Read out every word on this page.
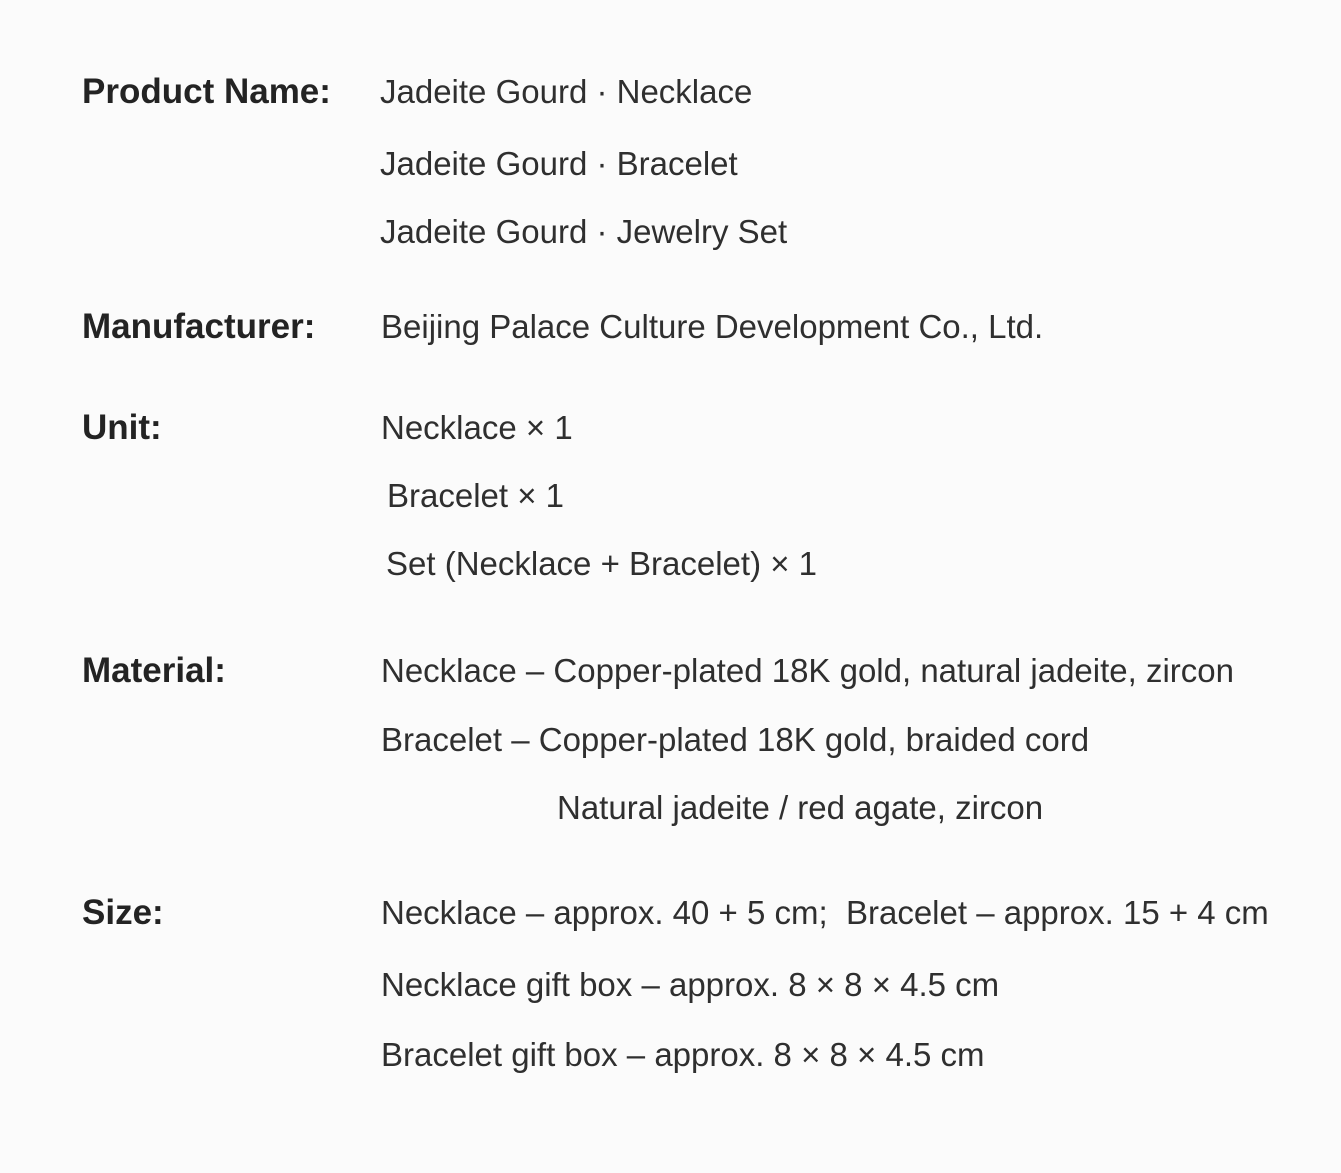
Product Name: Jadeite Gourd · Necklace
Jadeite Gourd · Bracelet
Jadeite Gourd · Jewelry Set
Manufacturer: Beijing Palace Culture Development Co., Ltd.
Unit:	Necklace × 1
Bracelet × 1
Set (Necklace + Bracelet) × 1
Material:	Necklace – Copper-plated 18K gold, natural jadeite, zircon
Bracelet – Copper-plated 18K gold, braided cord
Natural jadeite / red agate, zircon
Size:	Necklace – approx. 40 + 5 cm;  Bracelet – approx. 15 + 4 cm
Necklace gift box – approx. 8 × 8 × 4.5 cm
Bracelet gift box – approx. 8 × 8 × 4.5 cm
